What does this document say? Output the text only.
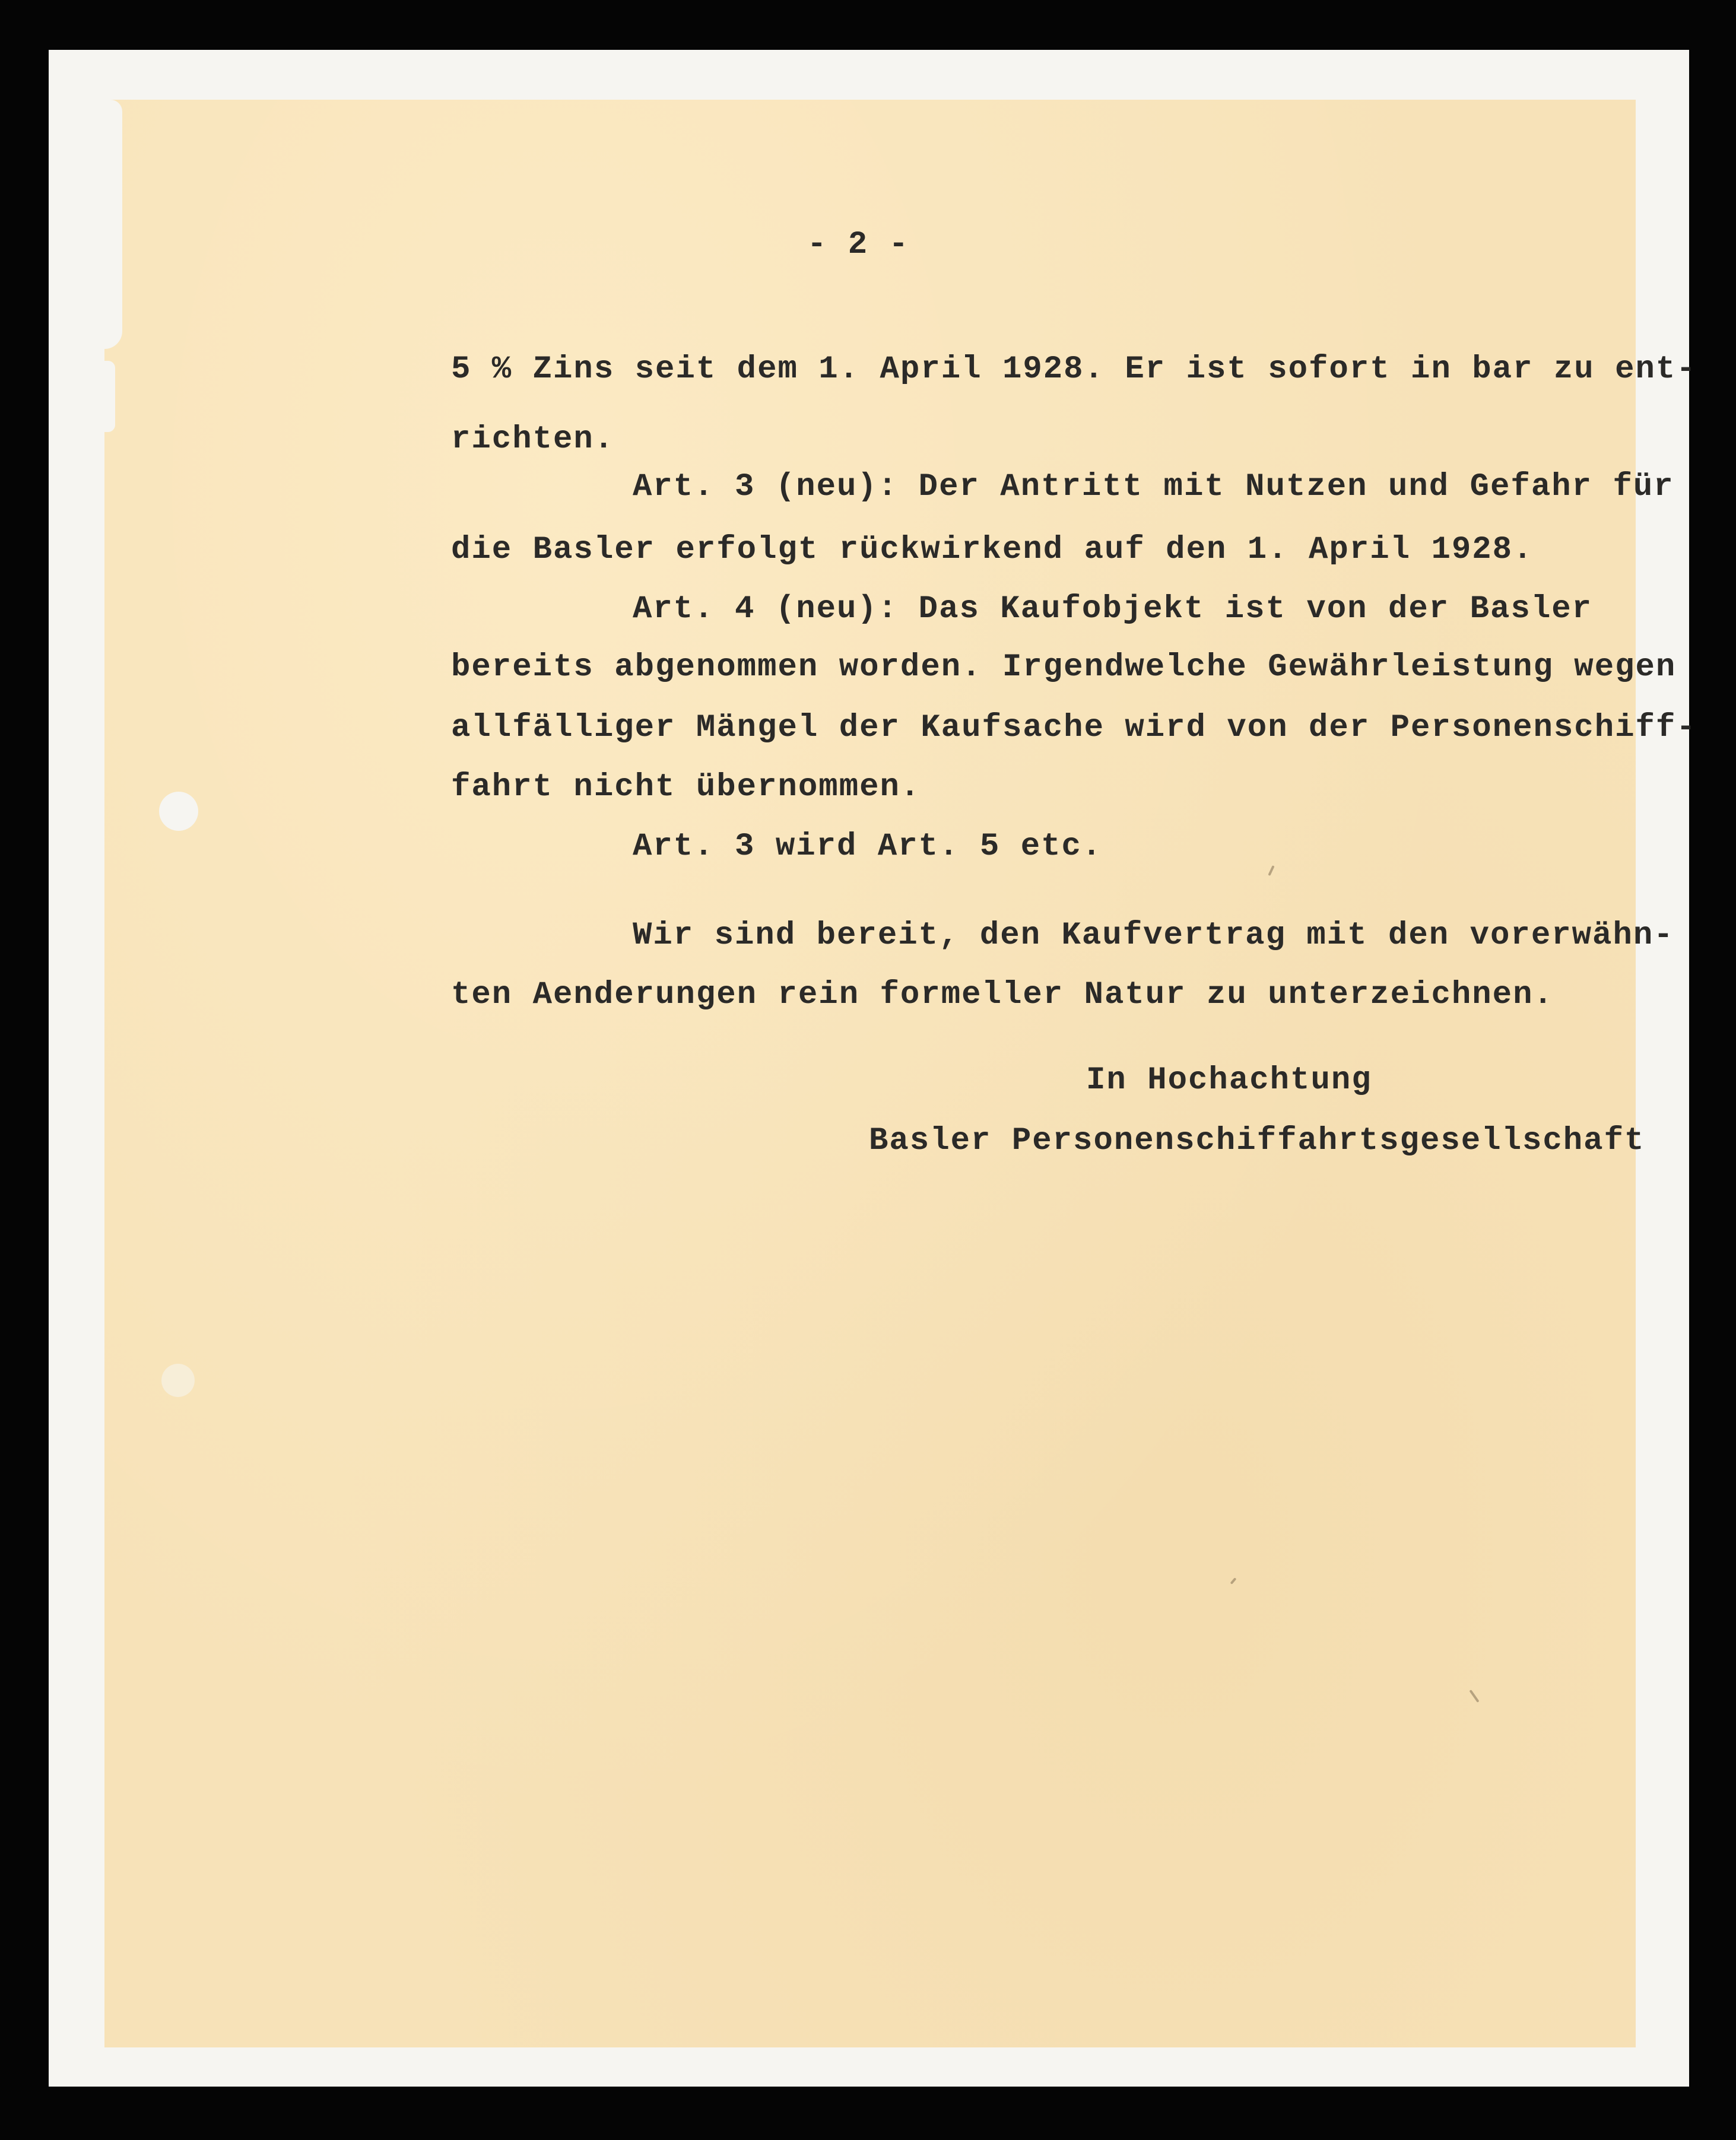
- 2 -
5 % Zins seit dem 1. April 1928. Er ist sofort in bar zu ent-
richten.
Art. 3 (neu): Der Antritt mit Nutzen und Gefahr für
die Basler erfolgt rückwirkend auf den 1. April 1928.
Art. 4 (neu): Das Kaufobjekt ist von der Basler
bereits abgenommen worden. Irgendwelche Gewährleistung wegen
allfälliger Mängel der Kaufsache wird von der Personenschiff-
fahrt nicht übernommen.
Art. 3 wird Art. 5 etc.
Wir sind bereit, den Kaufvertrag mit den vorerwähn-
ten Aenderungen rein formeller Natur zu unterzeichnen.
In Hochachtung
Basler Personenschiffahrtsgesellschaft
